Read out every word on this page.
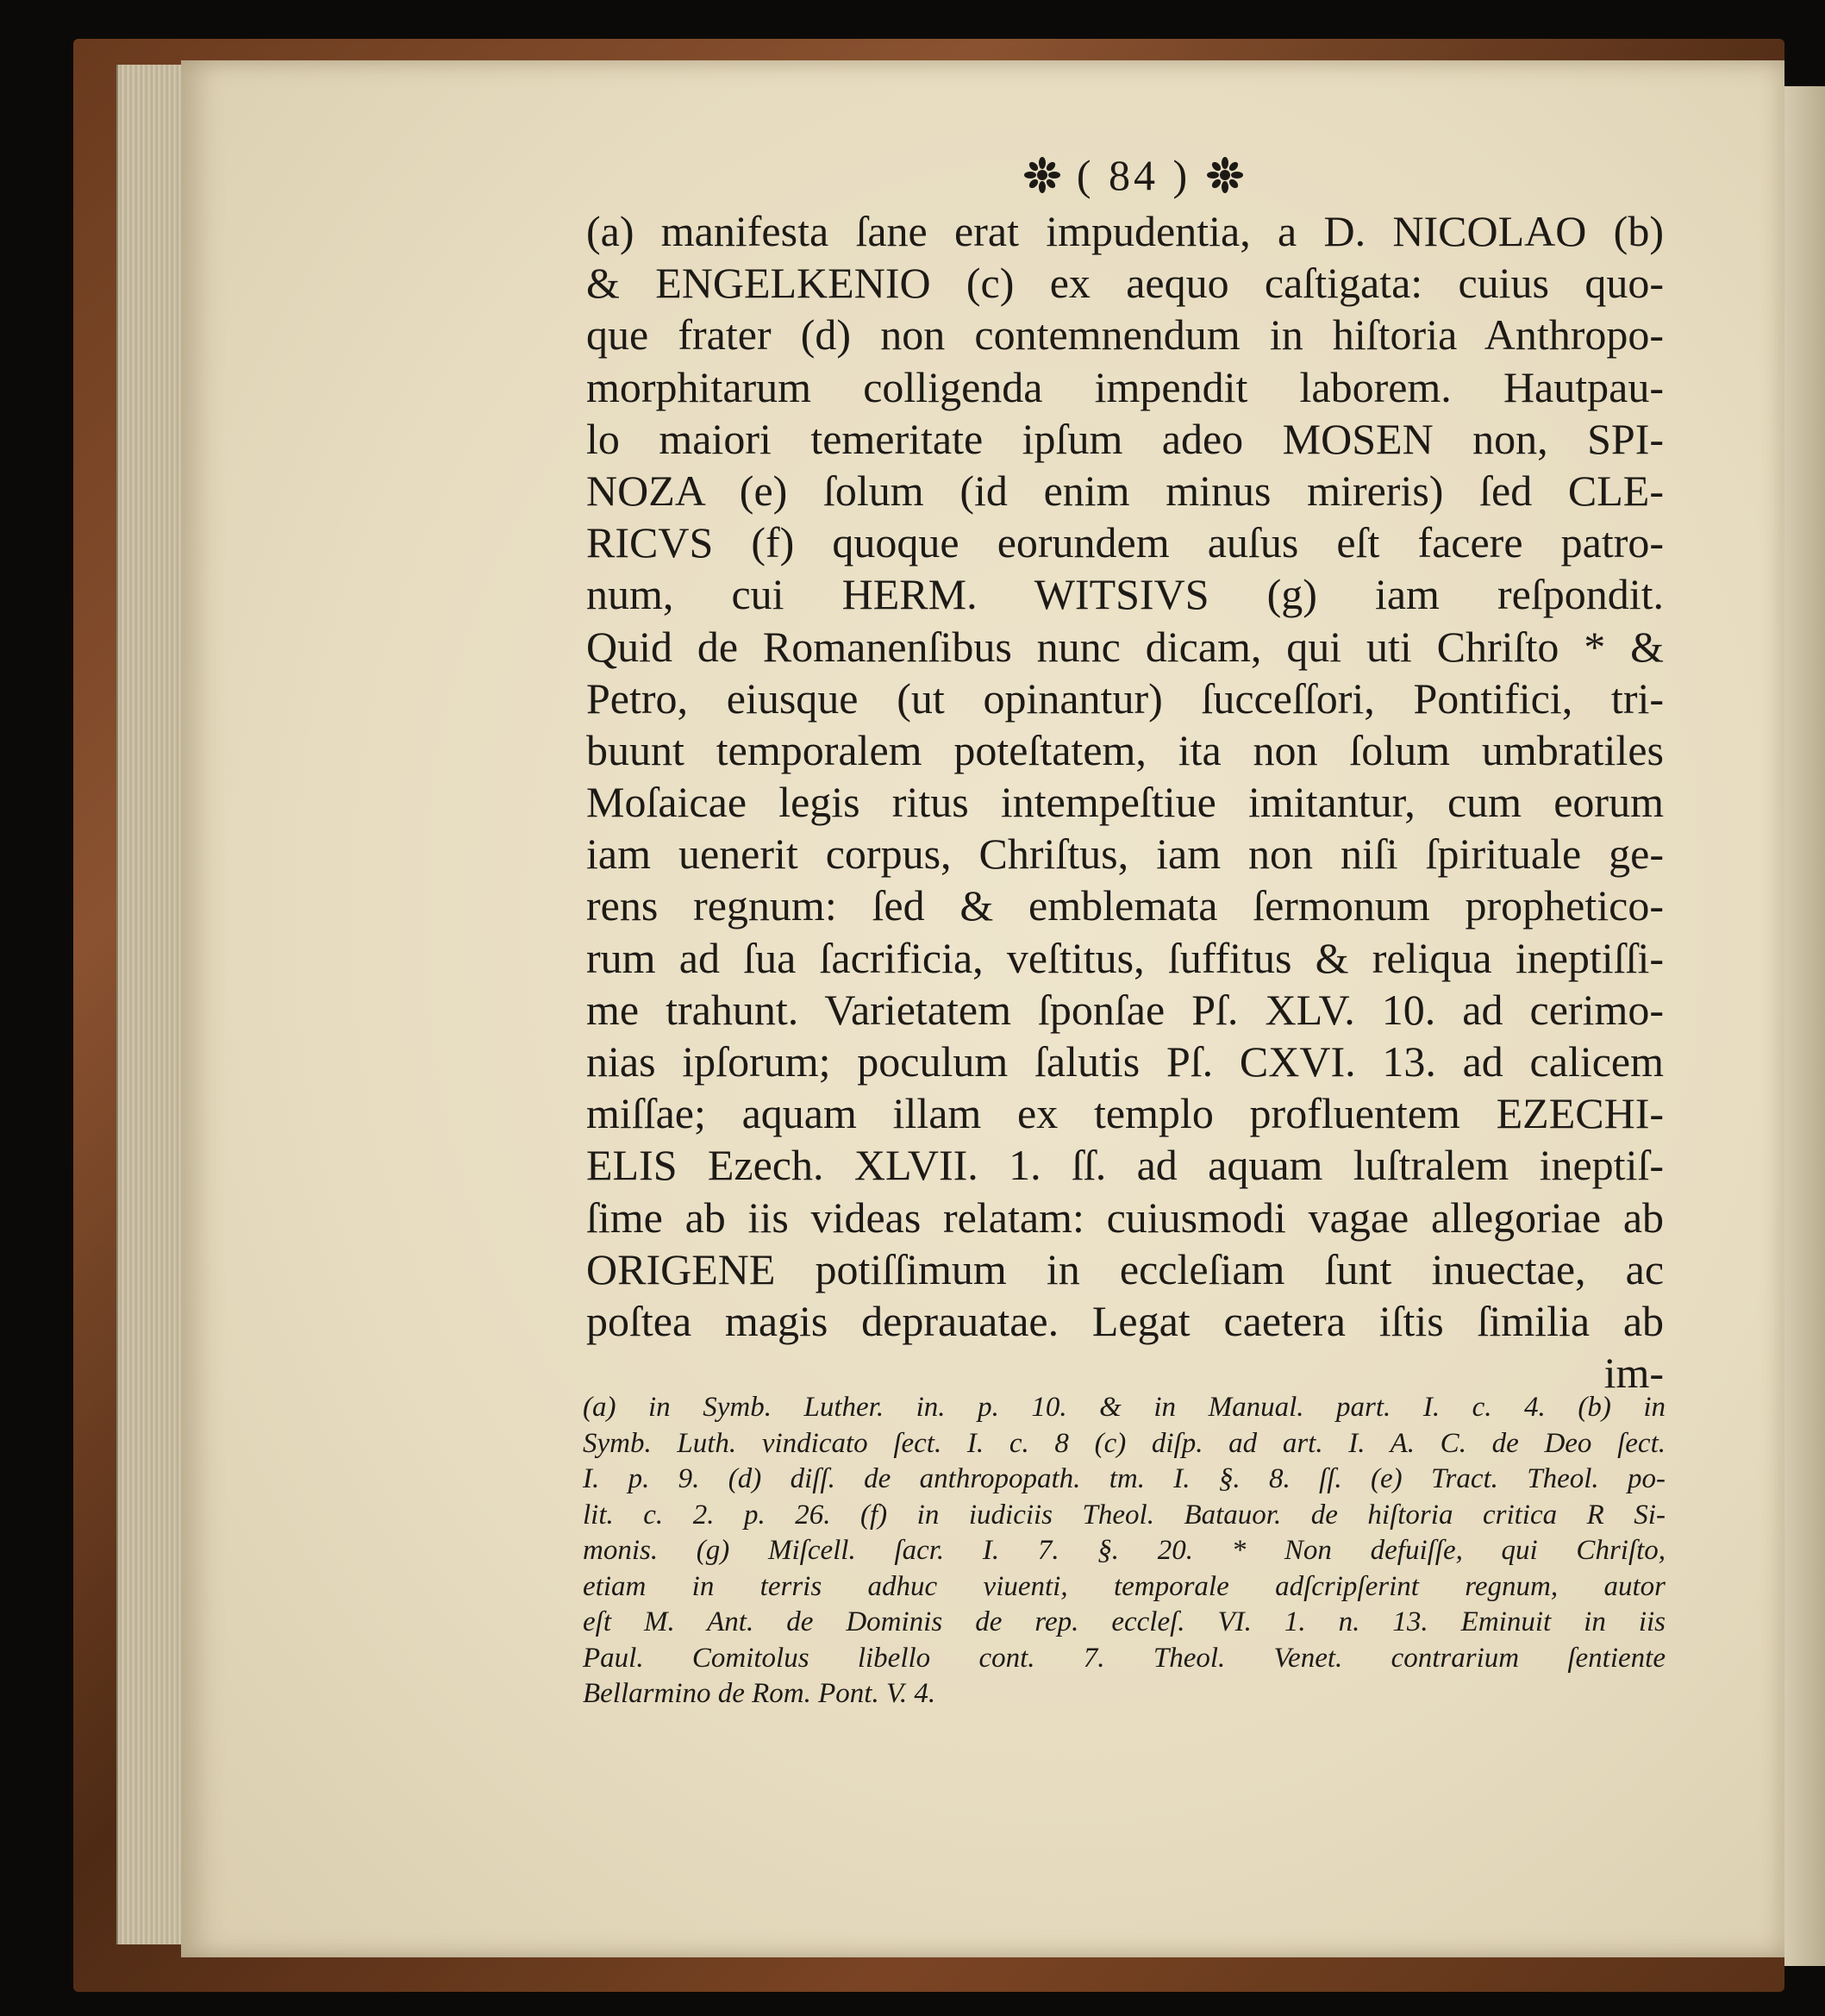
( 84 )
(a) manifesta ſane erat impudentia, a D. NICOLAO (b)
& ENGELKENIO (c) ex aequo caſtigata: cuius quo-
que frater (d) non contemnendum in hiſtoria Anthropo-
morphitarum colligenda impendit laborem. Hautpau-
lo maiori temeritate ipſum adeo MOSEN non, SPI-
NOZA (e) ſolum (id enim minus mireris) ſed CLE-
RICVS (f) quoque eorundem auſus eſt facere patro-
num, cui HERM. WITSIVS (g) iam reſpondit.
Quid de Romanenſibus nunc dicam, qui uti Chriſto * &
Petro, eiusque (ut opinantur) ſucceſſori, Pontifici, tri-
buunt temporalem poteſtatem, ita non ſolum umbratiles
Moſaicae legis ritus intempeſtiue imitantur, cum eorum
iam uenerit corpus, Chriſtus, iam non niſi ſpirituale ge-
rens regnum: ſed & emblemata ſermonum prophetico-
rum ad ſua ſacrificia, veſtitus, ſuffitus & reliqua ineptiſſi-
me trahunt. Varietatem ſponſae Pſ. XLV. 10. ad cerimo-
nias ipſorum; poculum ſalutis Pſ. CXVI. 13. ad calicem
miſſae; aquam illam ex templo profluentem EZECHI-
ELIS Ezech. XLVII. 1. ſſ. ad aquam luſtralem ineptiſ-
ſime ab iis videas relatam: cuiusmodi vagae allegoriae ab
ORIGENE potiſſimum in eccleſiam ſunt inuectae, ac
poſtea magis deprauatae. Legat caetera iſtis ſimilia ab
im-
(a) in Symb. Luther. in. p. 10. & in Manual. part. I. c. 4. (b) in
Symb. Luth. vindicato ſect. I. c. 8 (c) diſp. ad art. I. A. C. de Deo ſect.
I. p. 9. (d) diſſ. de anthropopath. tm. I. §. 8. ſſ. (e) Tract. Theol. po-
lit. c. 2. p. 26. (f) in iudiciis Theol. Batauor. de hiſtoria critica R Si-
monis. (g) Miſcell. ſacr. I. 7. §. 20. * Non defuiſſe, qui Chriſto,
etiam in terris adhuc viuenti, temporale adſcripſerint regnum, autor
eſt M. Ant. de Dominis de rep. eccleſ. VI. 1. n. 13. Eminuit in iis
Paul. Comitolus libello cont. 7. Theol. Venet. contrarium ſentiente
Bellarmino de Rom. Pont. V. 4.
